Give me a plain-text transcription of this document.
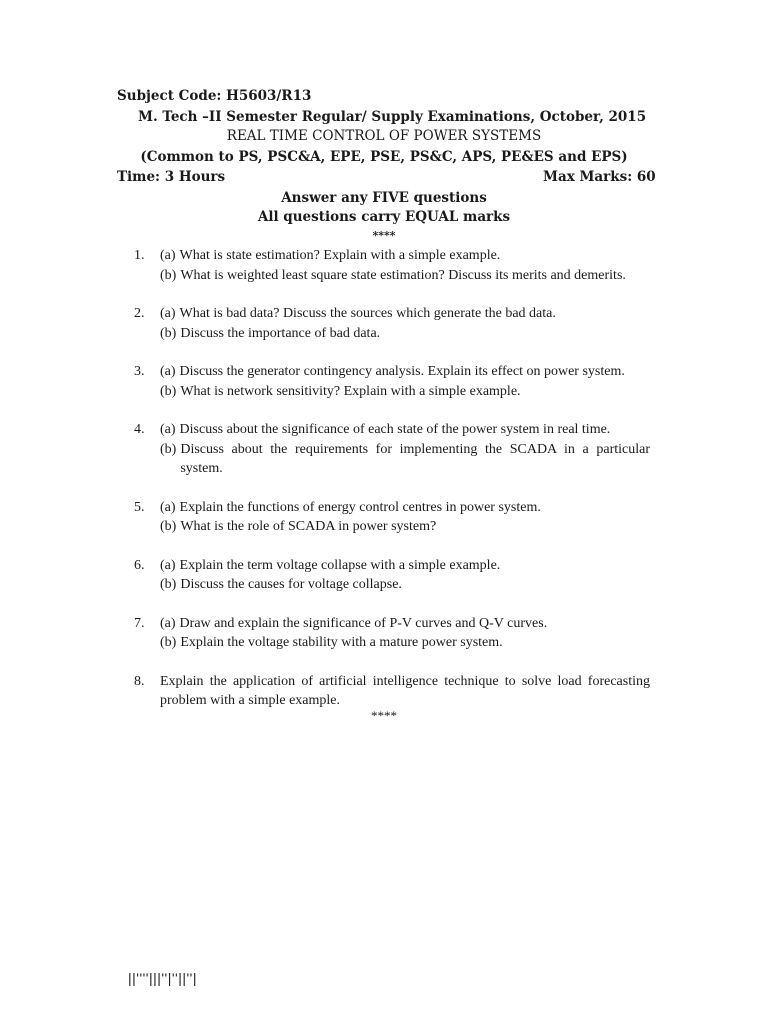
Subject Code: H5603/R13
M. Tech –II Semester Regular/ Supply Examinations, October, 2015
REAL TIME CONTROL OF POWER SYSTEMS
(Common to PS, PSC&A, EPE, PSE, PS&C, APS, PE&ES and EPS)
Time: 3 Hours	Max Marks: 60
Answer any FIVE questions
All questions carry EQUAL marks
****
1.	(a) What is state estimation? Explain with a simple example.
(b) What is weighted least square state estimation? Discuss its merits and demerits.
2.	(a) What is bad data? Discuss the sources which generate the bad data.
(b) Discuss the importance of bad data.
3.	(a) Discuss the generator contingency analysis. Explain its effect on power system.
(b) What is network sensitivity? Explain with a simple example.
4.	(a) Discuss about the significance of each state of the power system in real time.
(b) Discuss about the requirements for implementing the SCADA in a particular system.
5.	(a) Explain the functions of energy control centres in power system.
(b) What is the role of SCADA in power system?
6.	(a) Explain the term voltage collapse with a simple example.
(b) Discuss the causes for voltage collapse.
7.	(a) Draw and explain the significance of P-V curves and Q-V curves.
(b) Explain the voltage stability with a mature power system.
8.	Explain the application of artificial intelligence technique to solve load forecasting problem with a simple example.
****
||''''|||''|''||''|
